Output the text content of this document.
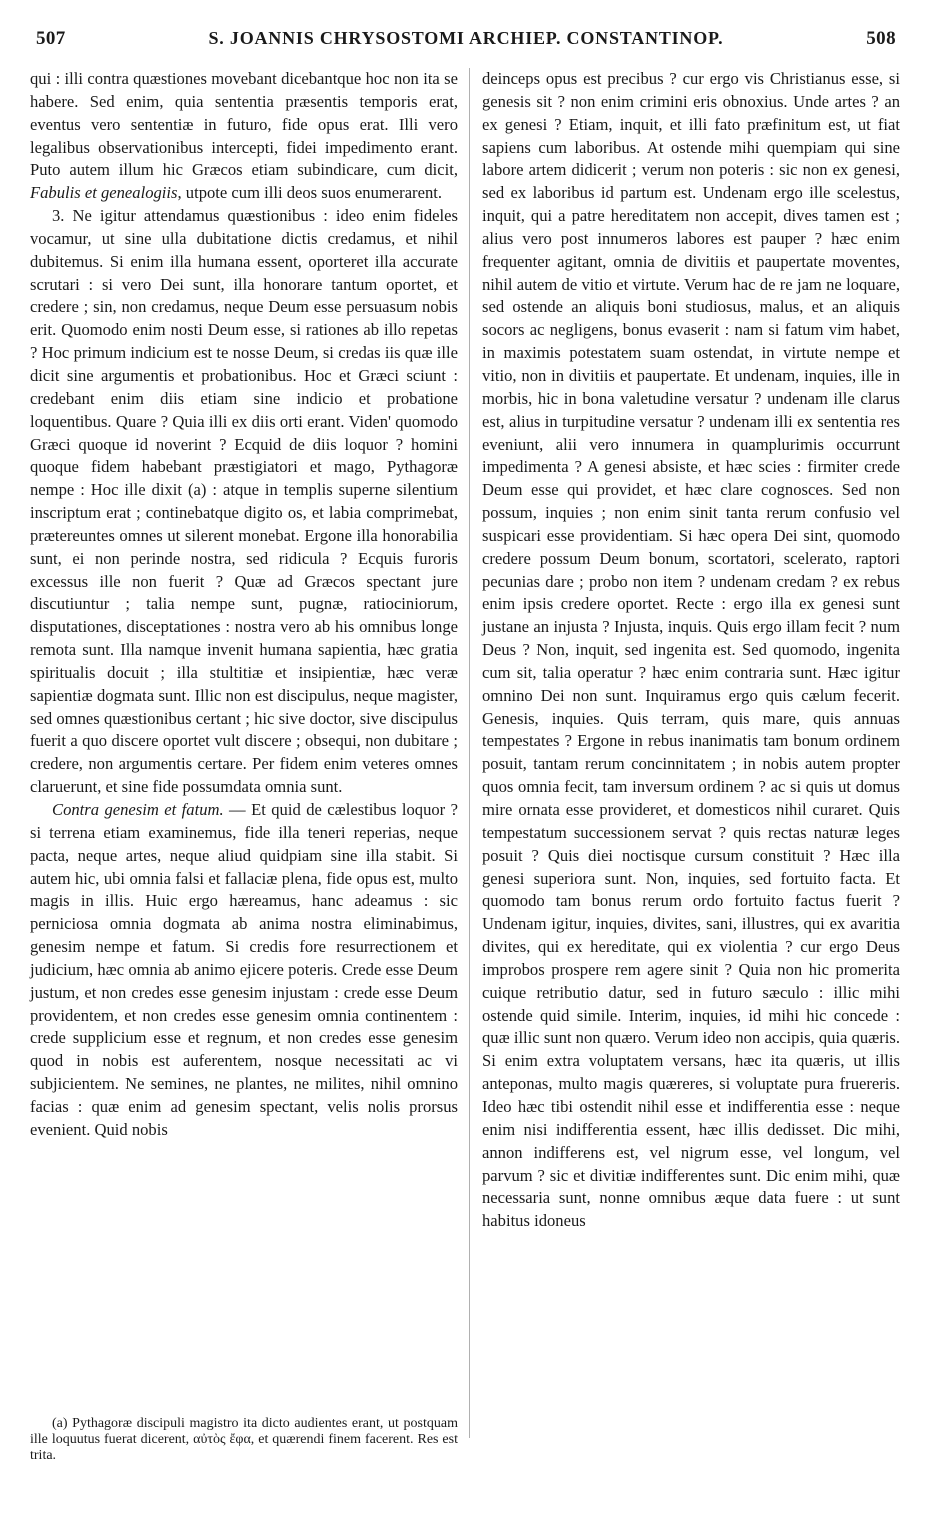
507	S. JOANNIS CHRYSOSTOMI ARCHIEP. CONSTANTINOP.	508

qui : illi contra quæstiones movebant dicebantque hoc non ita se habere. Sed enim, quia sententia præsentis temporis erat, eventus vero sententiæ in futuro, fide opus erat. Illi vero legalibus observationibus intercepti, fidei impedimento erant. Puto autem illum hic Græcos etiam subindicare, cum dicit, Fabulis et genealogiis, utpote cum illi deos suos enumerarent.

3. Ne igitur attendamus quæstionibus : ideo enim fideles vocamur, ut sine ulla dubitatione dictis credamus, et nihil dubitemus. Si enim illa humana essent, oporteret illa accurate scrutari : si vero Dei sunt, illa honorare tantum oportet, et credere ; sin, non credamus, neque Deum esse persuasum nobis erit. Quomodo enim nosti Deum esse, si rationes ab illo repetas ? Hoc primum indicium est te nosse Deum, si credas iis quæ ille dicit sine argumentis et probationibus. Hoc et Græci sciunt : credebant enim diis etiam sine indicio et probatione loquentibus. Quare ? Quia illi ex diis orti erant. Viden' quomodo Græci quoque id noverint ? Ecquid de diis loquor ? homini quoque fidem habebant præstigiatori et mago, Pythagoræ nempe : Hoc ille dixit (a) : atque in templis superne silentium inscriptum erat ; continebatque digito os, et labia comprimebat, prætereuntes omnes ut silerent monebat. Ergone illa honorabilia sunt, ei non perinde nostra, sed ridicula ? Ecquis furoris excessus ille non fuerit ? Quæ ad Græcos spectant jure discutiuntur ; talia nempe sunt, pugnæ, ratiociniorum, disputationes, disceptationes : nostra vero ab his omnibus longe remota sunt. Illa namque invenit humana sapientia, hæc gratia spiritualis docuit ; illa stultitiæ et insipientiæ, hæc veræ sapientiæ dogmata sunt. Illic non est discipulus, neque magister, sed omnes quæstionibus certant ; hic sive doctor, sive discipulus fuerit a quo discere oportet vult discere ; obsequi, non dubitare ; credere, non argumentis certare. Per fidem enim veteres omnes claruerunt, et sine fide possumdata omnia sunt.

Contra genesim et fatum. — Et quid de cælestibus loquor ? si terrena etiam examinemus, fide illa teneri reperias, neque pacta, neque artes, neque aliud quidpiam sine illa stabit. Si autem hic, ubi omnia falsi et fallaciæ plena, fide opus est, multo magis in illis. Huic ergo hæreamus, hanc adeamus : sic perniciosa omnia dogmata ab anima nostra eliminabimus, genesim nempe et fatum. Si credis fore resurrectionem et judicium, hæc omnia ab animo ejicere poteris. Crede esse Deum justum, et non credes esse genesim injustam : crede esse Deum providentem, et non credes esse genesim omnia continentem : crede supplicium esse et regnum, et non credes esse genesim quod in nobis est auferentem, nosque necessitati ac vi subjicientem. Ne semines, ne plantes, ne milites, nihil omnino facias : quæ enim ad genesim spectant, velis nolis prorsus evenient. Quid nobis

deinceps opus est precibus ? cur ergo vis Christianus esse, si genesis sit ? non enim crimini eris obnoxius. Unde artes ? an ex genesi ? Etiam, inquit, et illi fato præfinitum est, ut fiat sapiens cum laboribus. At ostende mihi quempiam qui sine labore artem didicerit ; verum non poteris : sic non ex genesi, sed ex laboribus id partum est. Undenam ergo ille scelestus, inquit, qui a patre hereditatem non accepit, dives tamen est ; alius vero post innumeros labores est pauper ? hæc enim frequenter agitant, omnia de divitiis et paupertate moventes, nihil autem de vitio et virtute. Verum hac de re jam ne loquare, sed ostende an aliquis boni studiosus, malus, et an aliquis socors ac negligens, bonus evaserit : nam si fatum vim habet, in maximis potestatem suam ostendat, in virtute nempe et vitio, non in divitiis et paupertate. Et undenam, inquies, ille in morbis, hic in bona valetudine versatur ? undenam ille clarus est, alius in turpitudine versatur ? undenam illi ex sententia res eveniunt, alii vero innumera in quamplurimis occurrunt impedimenta ? A genesi absiste, et hæc scies : firmiter crede Deum esse qui providet, et hæc clare cognosces. Sed non possum, inquies ; non enim sinit tanta rerum confusio vel suspicari esse providentiam. Si hæc opera Dei sint, quomodo credere possum Deum bonum, scortatori, scelerato, raptori pecunias dare ; probo non item ? undenam credam ? ex rebus enim ipsis credere oportet. Recte : ergo illa ex genesi sunt justane an injusta ? Injusta, inquis. Quis ergo illam fecit ? num Deus ? Non, inquit, sed ingenita est. Sed quomodo, ingenita cum sit, talia operatur ? hæc enim contraria sunt. Hæc igitur omnino Dei non sunt. Inquiramus ergo quis cælum fecerit. Genesis, inquies. Quis terram, quis mare, quis annuas tempestates ? Ergone in rebus inanimatis tam bonum ordinem posuit, tantam rerum concinnitatem ; in nobis autem propter quos omnia fecit, tam inversum ordinem ? ac si quis ut domus mire ornata esse provideret, et domesticos nihil curaret. Quis tempestatum successionem servat ? quis rectas naturæ leges posuit ? Quis diei noctisque cursum constituit ? Hæc illa genesi superiora sunt. Non, inquies, sed fortuito facta. Et quomodo tam bonus rerum ordo fortuito factus fuerit ? Undenam igitur, inquies, divites, sani, illustres, qui ex avaritia divites, qui ex hereditate, qui ex violentia ? cur ergo Deus improbos prospere rem agere sinit ? Quia non hic promerita cuique retributio datur, sed in futuro sæculo : illic mihi ostende quid simile. Interim, inquies, id mihi hic concede : quæ illic sunt non quæro. Verum ideo non accipis, quia quæris. Si enim extra voluptatem versans, hæc ita quæris, ut illis anteponas, multo magis quæreres, si voluptate pura fruereris. Ideo hæc tibi ostendit nihil esse et indifferentia esse : neque enim nisi indifferentia essent, hæc illis dedisset. Dic mihi, annon indifferens est, vel nigrum esse, vel longum, vel parvum ? sic et divitiæ indifferentes sunt. Dic enim mihi, quæ necessaria sunt, nonne omnibus æque data fuere : ut sunt habitus idoneus

(a) Pythagoræ discipuli magistro ita dicto audientes erant, ut postquam ille loquutus fuerat dicerent, αὐτὸς ἔφα, et quærendi finem facerent. Res est trita.
